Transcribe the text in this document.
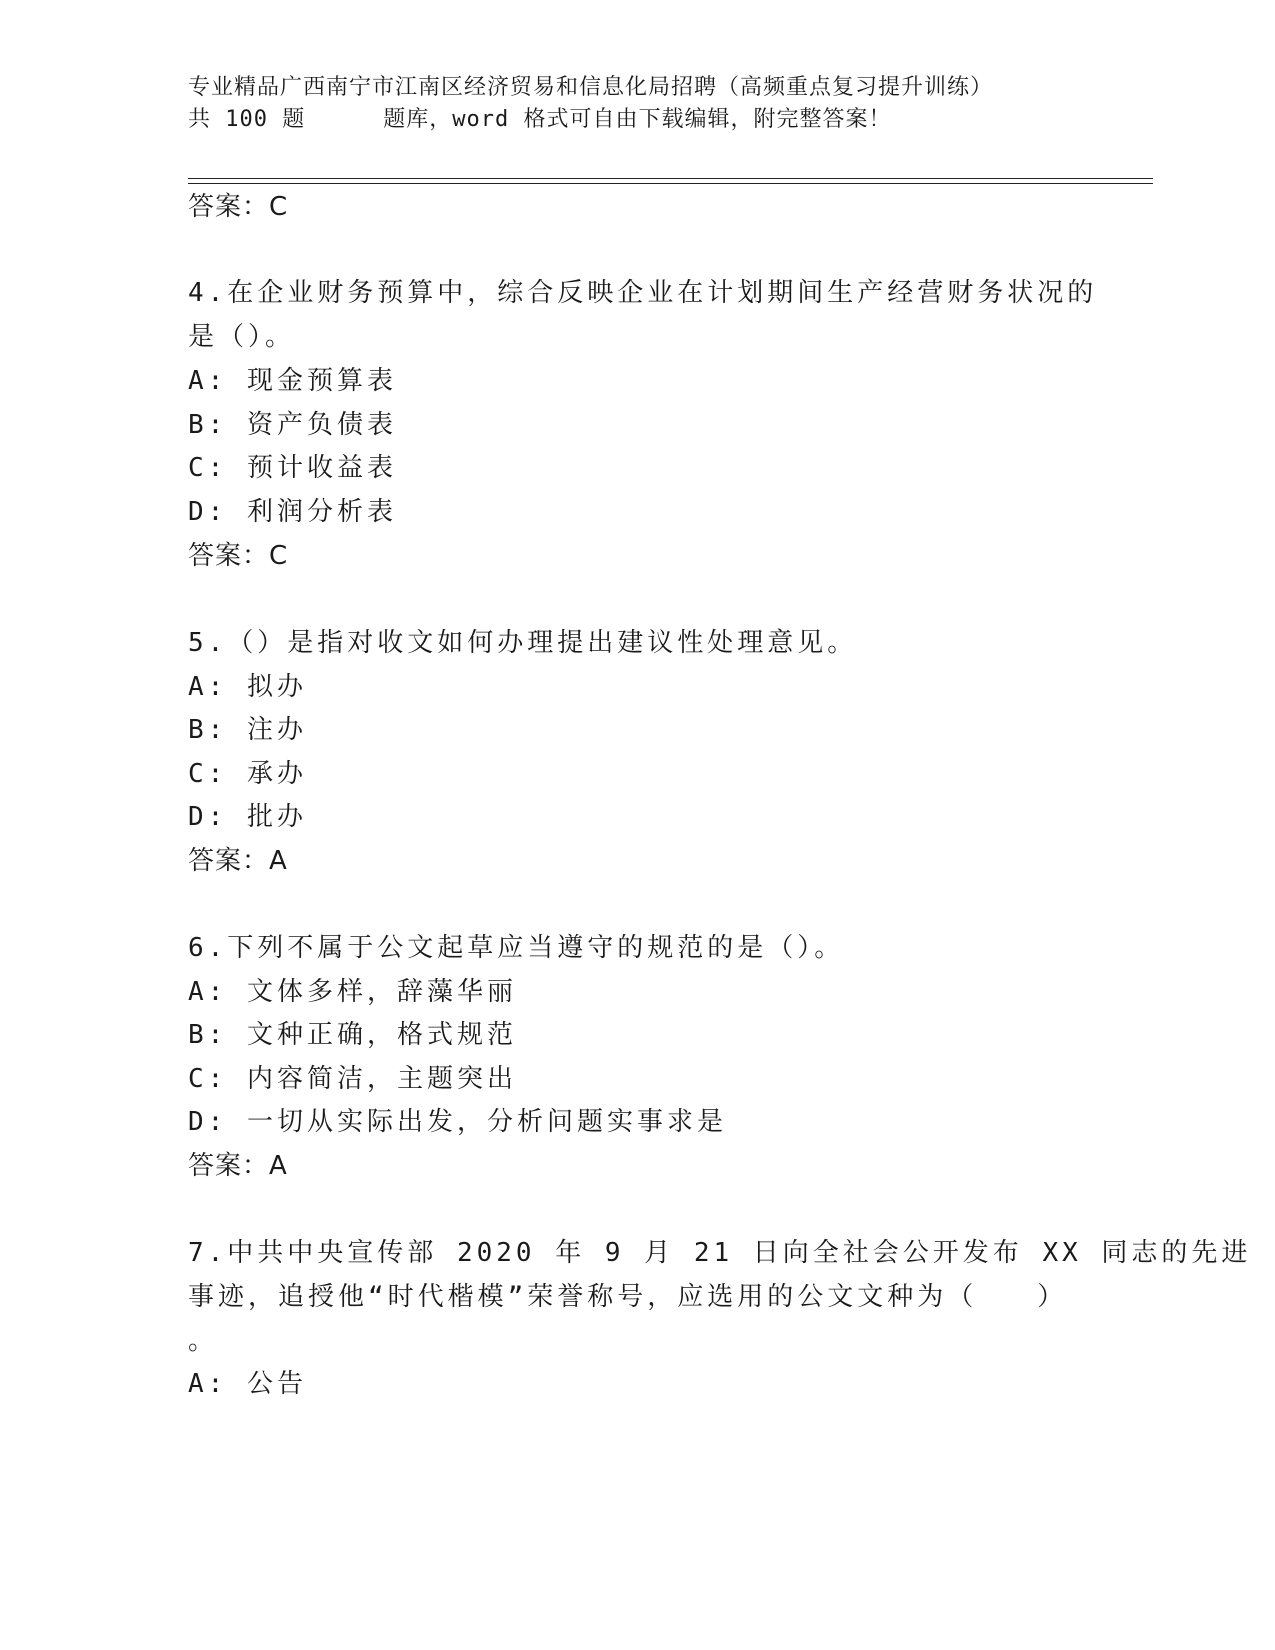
专业精品广西南宁市江南区经济贸易和信息化局招聘（高频重点复习提升训练）
共 100 题	题库，word 格式可自由下载编辑，附完整答案！
答案：C
4.在企业财务预算中，综合反映企业在计划期间生产经营财务状况的
是（）。
A: 现金预算表
B: 资产负债表
C: 预计收益表
D: 利润分析表
答案：C
5.（）是指对收文如何办理提出建议性处理意见。
A: 拟办
B: 注办
C: 承办
D: 批办
答案：A
6.下列不属于公文起草应当遵守的规范的是（）。
A: 文体多样，辞藻华丽
B: 文种正确，格式规范
C: 内容简洁，主题突出
D: 一切从实际出发，分析问题实事求是
答案：A
7.中共中央宣传部 2020 年 9 月 21 日向全社会公开发布 XX 同志的先进
事迹，追授他“时代楷模”荣誉称号，应选用的公文文种为（　　）
。
A: 公告
